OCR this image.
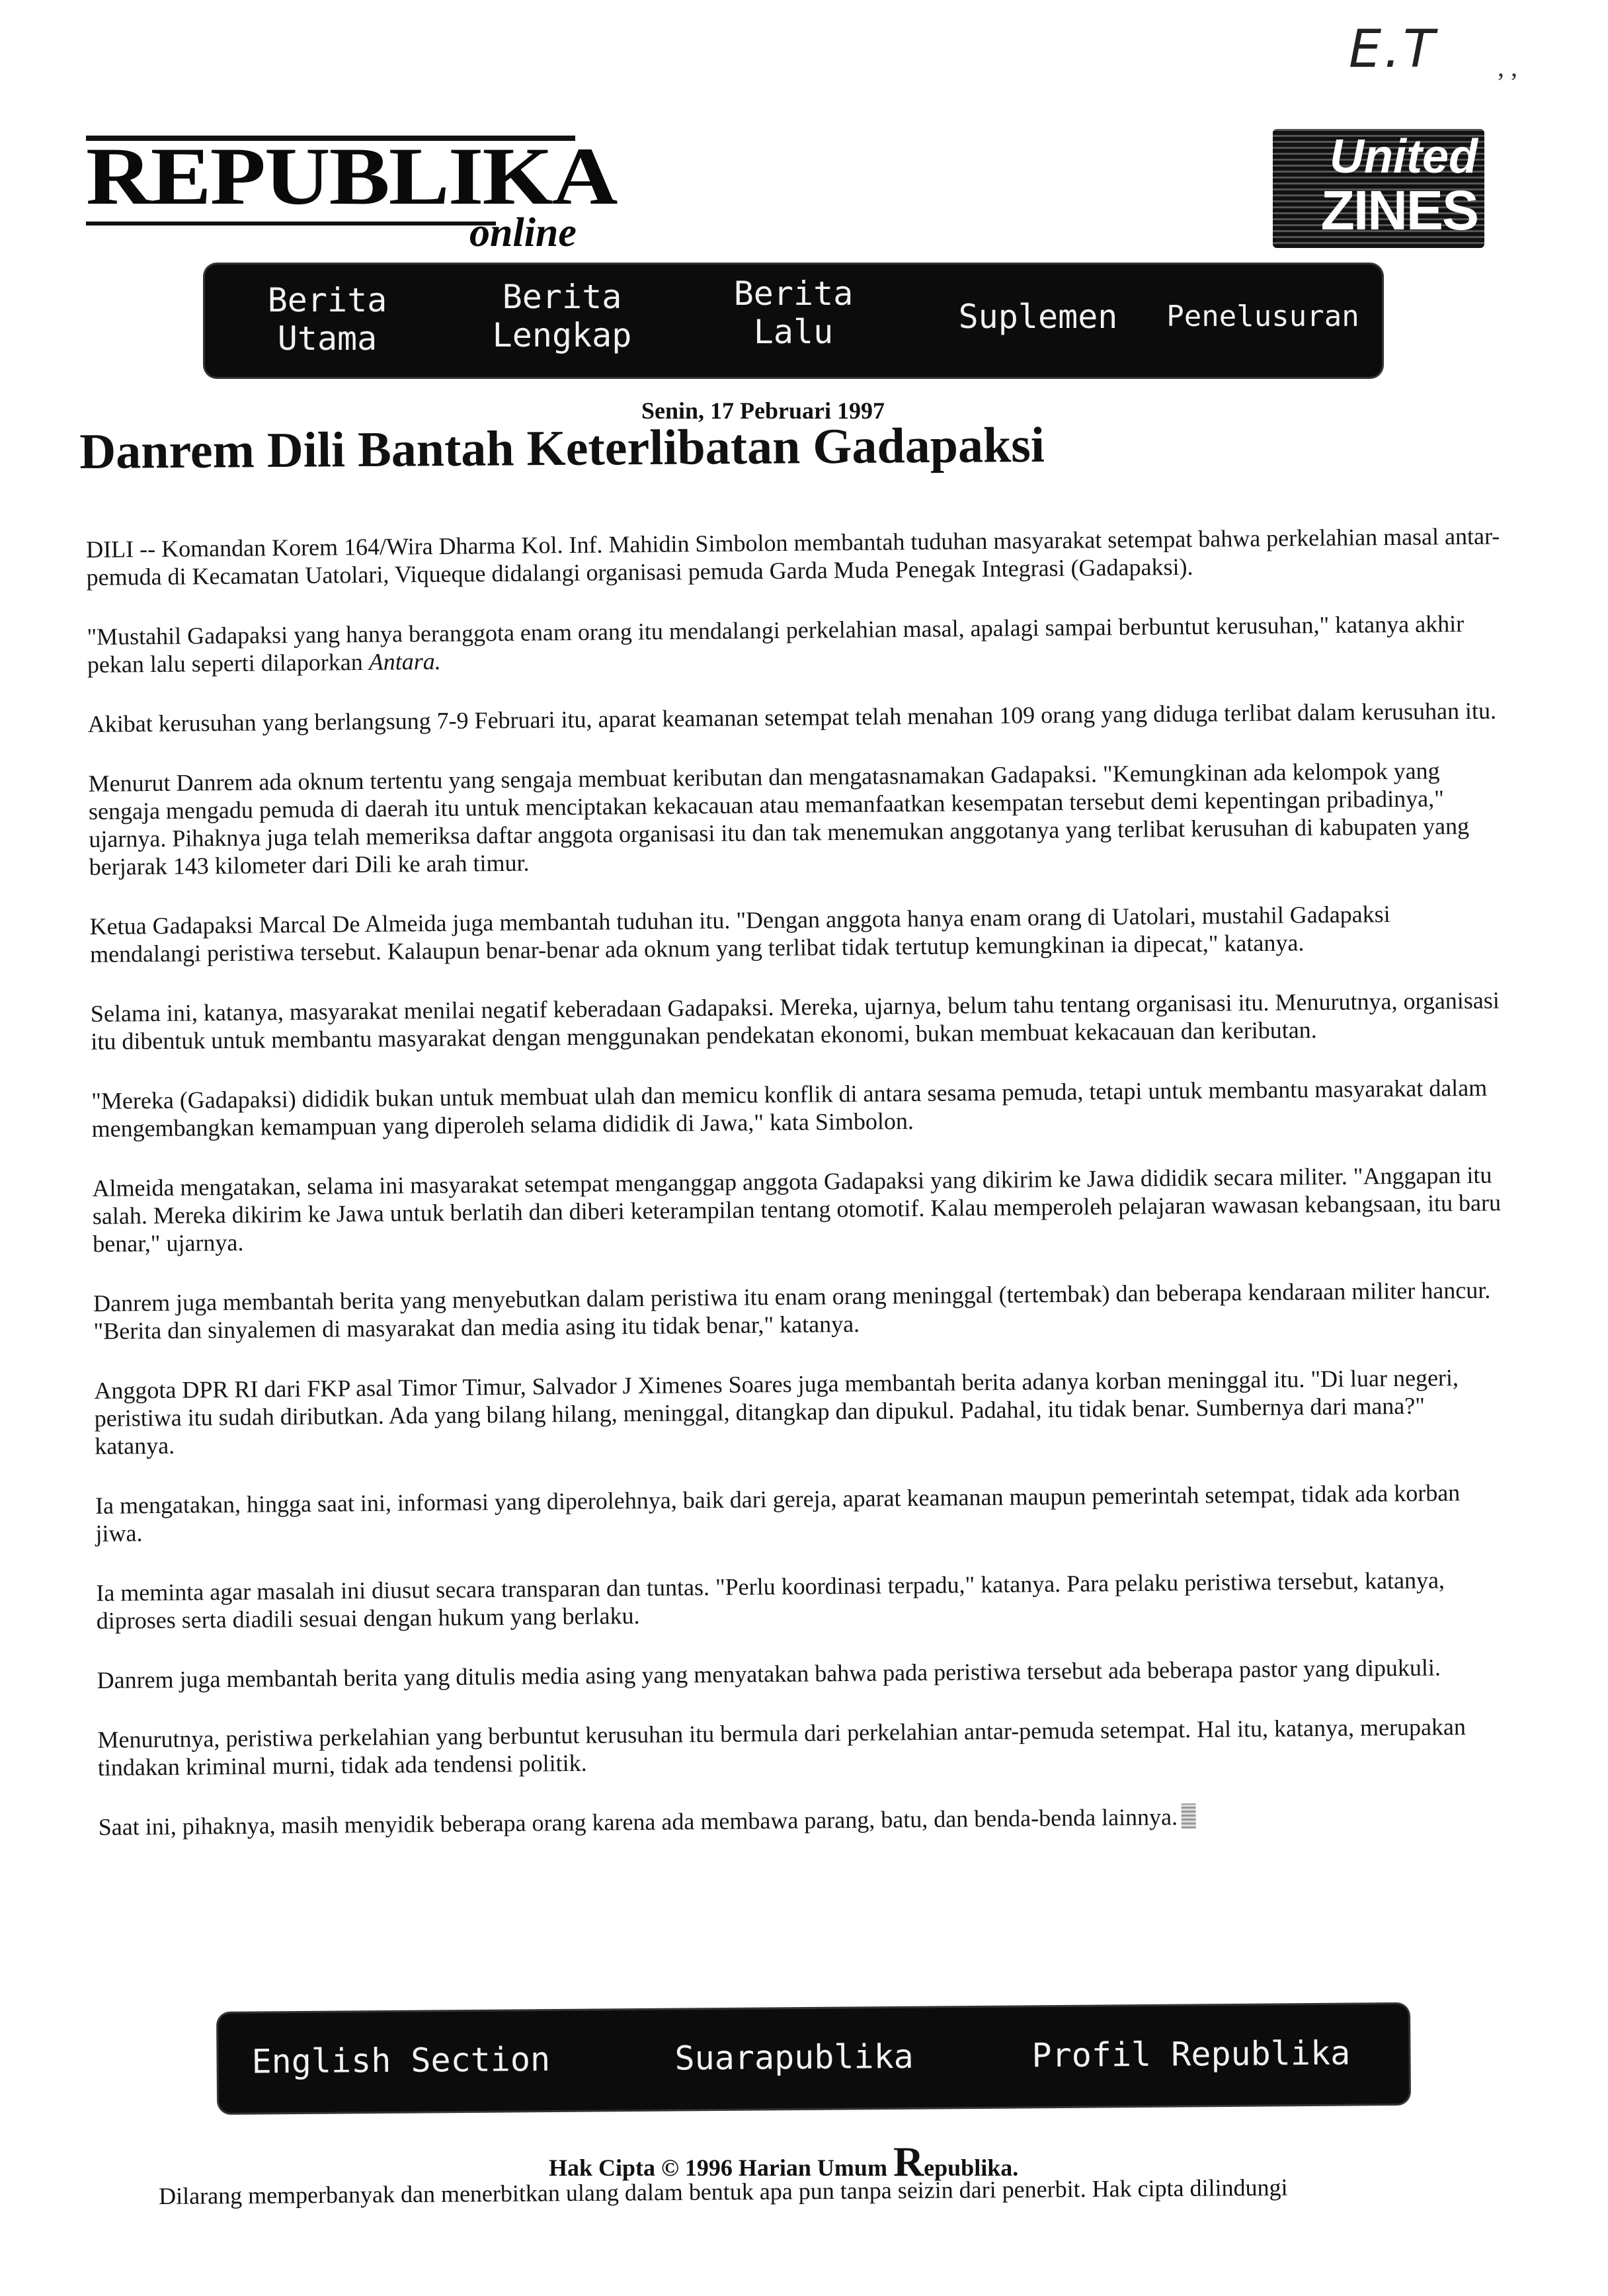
E.T , ,
REPUBLIKA
online
United
ZINES
Berita
Utama
Berita
Lengkap
Berita
Lalu	Suplemen	Penelusuran
Senin, 17 Pebruari 1997
Danrem Dili Bantah Keterlibatan Gadapaksi

DILI -- Komandan Korem 164/Wira Dharma Kol. Inf. Mahidin Simbolon membantah tuduhan masyarakat setempat bahwa perkelahian masal antar-pemuda di Kecamatan Uatolari, Viqueque didalangi organisasi pemuda Garda Muda Penegak Integrasi (Gadapaksi).

"Mustahil Gadapaksi yang hanya beranggota enam orang itu mendalangi perkelahian masal, apalagi sampai berbuntut kerusuhan," katanya akhir pekan lalu seperti dilaporkan Antara.

Akibat kerusuhan yang berlangsung 7-9 Februari itu, aparat keamanan setempat telah menahan 109 orang yang diduga terlibat dalam kerusuhan itu.

Menurut Danrem ada oknum tertentu yang sengaja membuat keributan dan mengatasnamakan Gadapaksi. "Kemungkinan ada kelompok yang sengaja mengadu pemuda di daerah itu untuk menciptakan kekacauan atau memanfaatkan kesempatan tersebut demi kepentingan pribadinya," ujarnya. Pihaknya juga telah memeriksa daftar anggota organisasi itu dan tak menemukan anggotanya yang terlibat kerusuhan di kabupaten yang berjarak 143 kilometer dari Dili ke arah timur.

Ketua Gadapaksi Marcal De Almeida juga membantah tuduhan itu. "Dengan anggota hanya enam orang di Uatolari, mustahil Gadapaksi mendalangi peristiwa tersebut. Kalaupun benar-benar ada oknum yang terlibat tidak tertutup kemungkinan ia dipecat," katanya.

Selama ini, katanya, masyarakat menilai negatif keberadaan Gadapaksi. Mereka, ujarnya, belum tahu tentang organisasi itu. Menurutnya, organisasi itu dibentuk untuk membantu masyarakat dengan menggunakan pendekatan ekonomi, bukan membuat kekacauan dan keributan.

"Mereka (Gadapaksi) dididik bukan untuk membuat ulah dan memicu konflik di antara sesama pemuda, tetapi untuk membantu masyarakat dalam mengembangkan kemampuan yang diperoleh selama dididik di Jawa," kata Simbolon.

Almeida mengatakan, selama ini masyarakat setempat menganggap anggota Gadapaksi yang dikirim ke Jawa dididik secara militer. "Anggapan itu salah. Mereka dikirim ke Jawa untuk berlatih dan diberi keterampilan tentang otomotif. Kalau memperoleh pelajaran wawasan kebangsaan, itu baru benar," ujarnya.

Danrem juga membantah berita yang menyebutkan dalam peristiwa itu enam orang meninggal (tertembak) dan beberapa kendaraan militer hancur. "Berita dan sinyalemen di masyarakat dan media asing itu tidak benar," katanya.

Anggota DPR RI dari FKP asal Timor Timur, Salvador J Ximenes Soares juga membantah berita adanya korban meninggal itu. "Di luar negeri, peristiwa itu sudah diributkan. Ada yang bilang hilang, meninggal, ditangkap dan dipukul. Padahal, itu tidak benar. Sumbernya dari mana?" katanya.

Ia mengatakan, hingga saat ini, informasi yang diperolehnya, baik dari gereja, aparat keamanan maupun pemerintah setempat, tidak ada korban jiwa.

Ia meminta agar masalah ini diusut secara transparan dan tuntas. "Perlu koordinasi terpadu," katanya. Para pelaku peristiwa tersebut, katanya, diproses serta diadili sesuai dengan hukum yang berlaku.

Danrem juga membantah berita yang ditulis media asing yang menyatakan bahwa pada peristiwa tersebut ada beberapa pastor yang dipukuli.

Menurutnya, peristiwa perkelahian yang berbuntut kerusuhan itu bermula dari perkelahian antar-pemuda setempat. Hal itu, katanya, merupakan tindakan kriminal murni, tidak ada tendensi politik.

Saat ini, pihaknya, masih menyidik beberapa orang karena ada membawa parang, batu, dan benda-benda lainnya.

English Section	Suarapublika	Profil Republika
Hak Cipta © 1996 Harian Umum Republika.
Dilarang memperbanyak dan menerbitkan ulang dalam bentuk apa pun tanpa seizin dari penerbit. Hak cipta dilindungi
